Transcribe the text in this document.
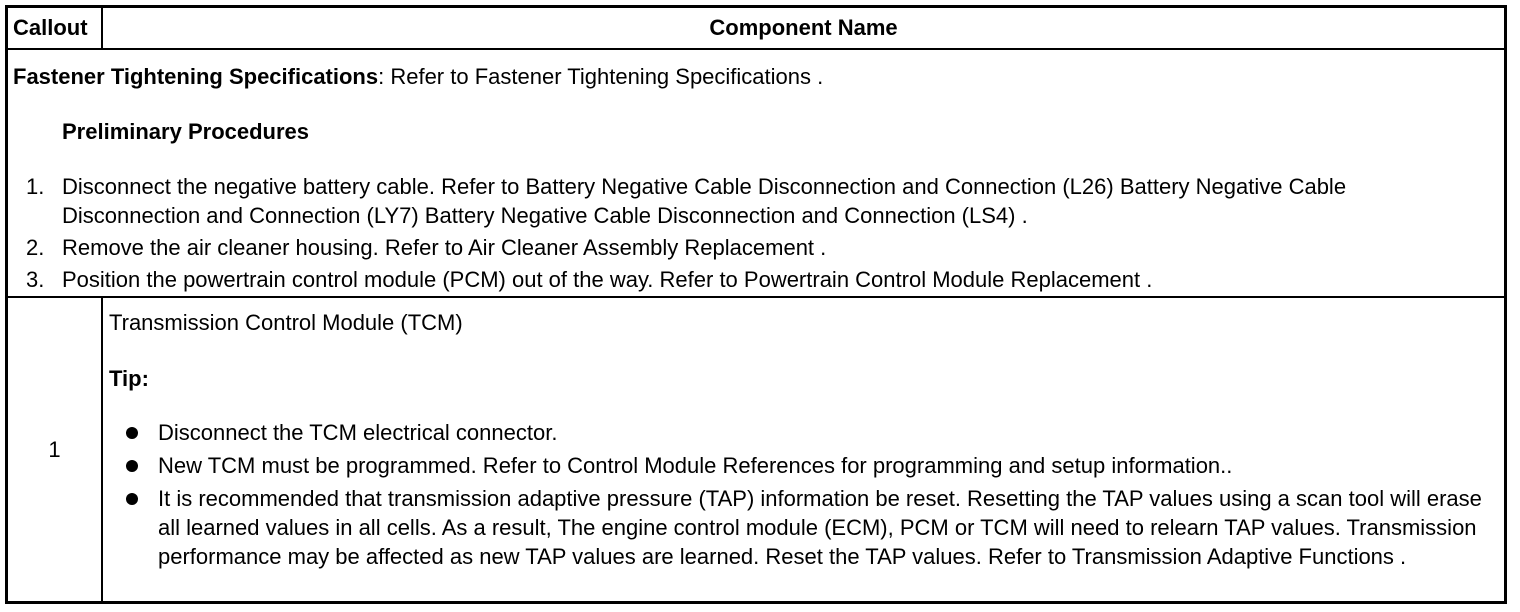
Callout	Component Name
Fastener Tightening Specifications: Refer to Fastener Tightening Specifications .
Preliminary Procedures
1. Disconnect the negative battery cable. Refer to Battery Negative Cable Disconnection and Connection (L26) Battery Negative Cable Disconnection and Connection (LY7) Battery Negative Cable Disconnection and Connection (LS4) .
2. Remove the air cleaner housing. Refer to Air Cleaner Assembly Replacement .
3. Position the powertrain control module (PCM) out of the way. Refer to Powertrain Control Module Replacement .
1
Transmission Control Module (TCM)
Tip:
Disconnect the TCM electrical connector.
New TCM must be programmed. Refer to Control Module References for programming and setup information..
It is recommended that transmission adaptive pressure (TAP) information be reset. Resetting the TAP values using a scan tool will erase all learned values in all cells. As a result, The engine control module (ECM), PCM or TCM will need to relearn TAP values. Transmission performance may be affected as new TAP values are learned. Reset the TAP values. Refer to Transmission Adaptive Functions .
